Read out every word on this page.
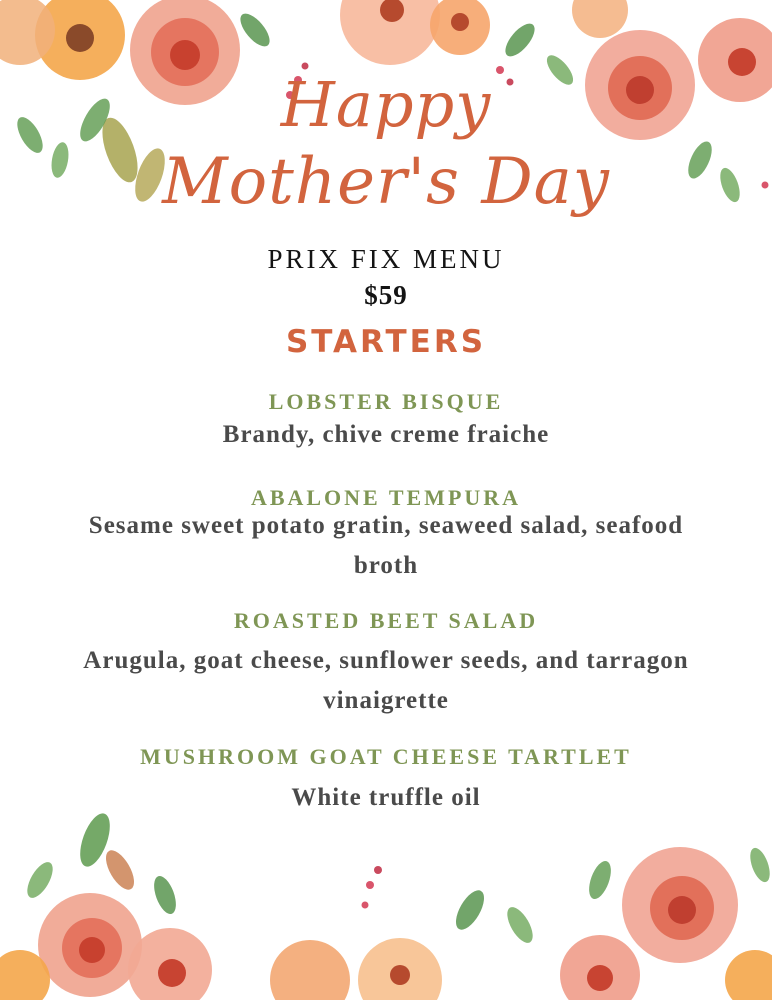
Happy
Mother's Day
PRIX FIX MENU
$59
STARTERS
LOBSTER BISQUE
Brandy, chive creme fraiche
ABALONE TEMPURA
Sesame sweet potato gratin, seaweed salad, seafood broth
ROASTED BEET SALAD
Arugula, goat cheese, sunflower seeds, and tarragon vinaigrette
MUSHROOM GOAT CHEESE TARTLET
White truffle oil
